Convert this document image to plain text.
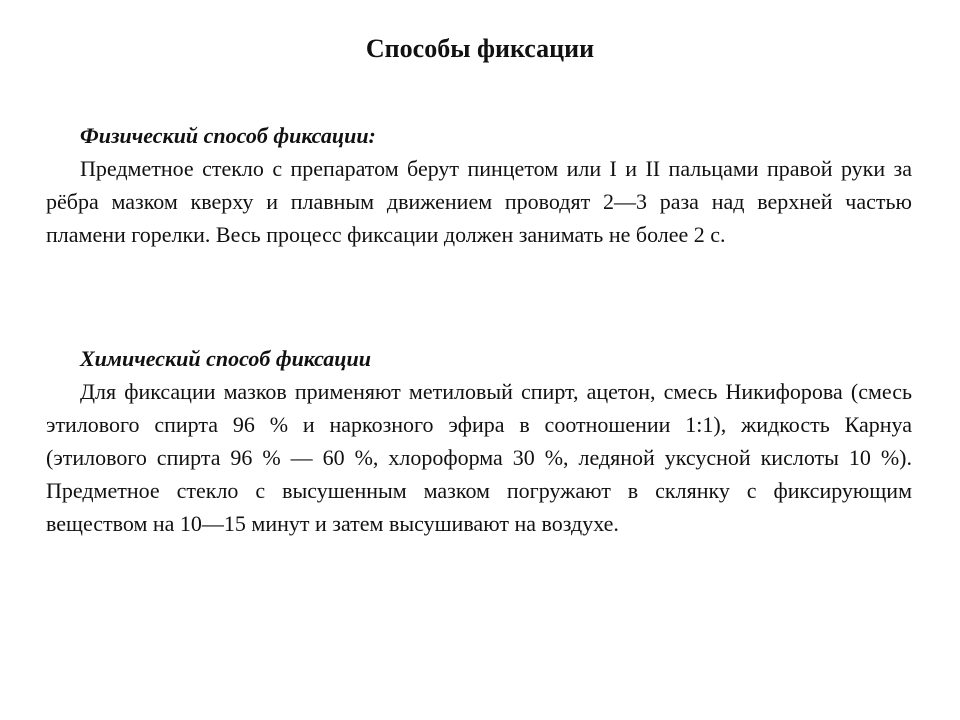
Способы фиксации

Физический способ фиксации:

Предметное стекло с препаратом берут пинцетом или I и II пальцами правой руки за рёбра мазком кверху и плавным движением проводят 2—3 раза над верхней частью пламени горелки. Весь процесс фиксации должен занимать не более 2 с.

Химический способ фиксации

Для фиксации мазков применяют метиловый спирт, ацетон, смесь Никифорова (смесь этилового спирта 96 % и наркозного эфира в соотношении 1:1), жидкость Карнуа (этилового спирта 96 % — 60 %, хлороформа 30 %, ледяной уксусной кислоты 10 %). Предметное стекло с высушенным мазком погружают в склянку с фиксирующим веществом на 10—15 минут и затем высушивают на воздухе.
